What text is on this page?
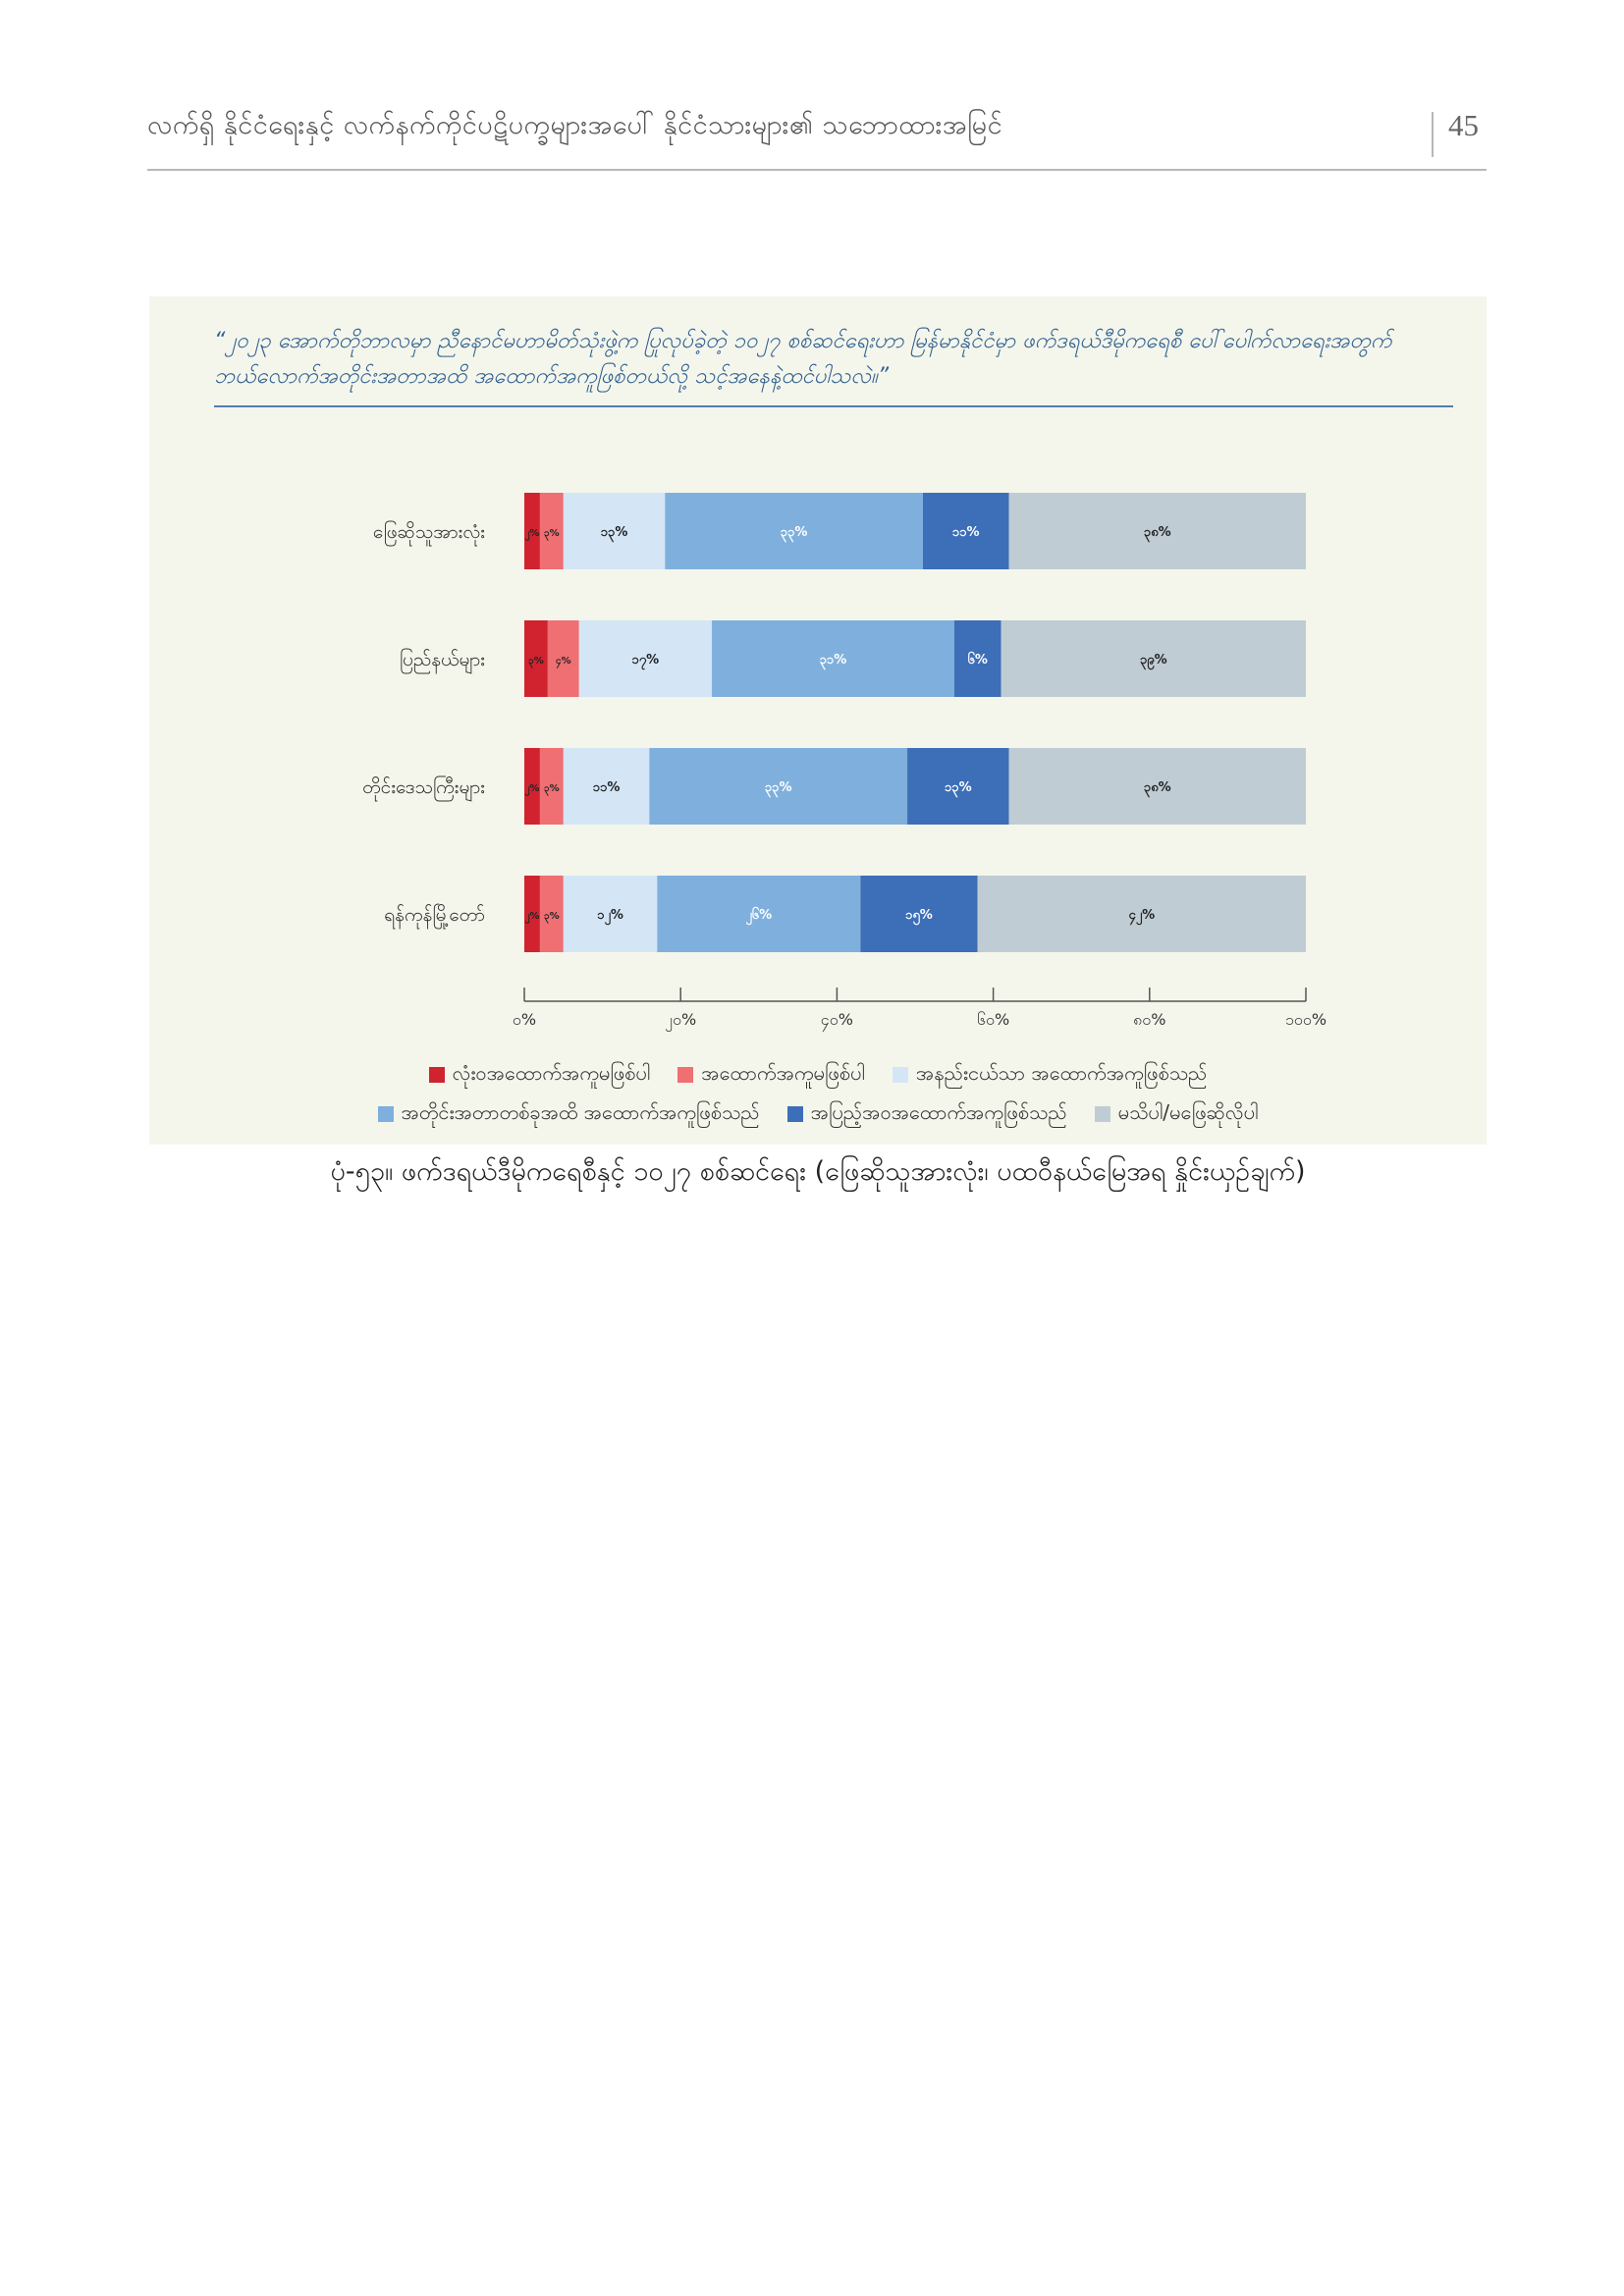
လက်ရှိ နိုင်ငံရေးနှင့် လက်နက်ကိုင်ပဋိပက္ခများအပေါ် နိုင်ငံသားများ၏ သဘောထားအမြင်	45
“၂၀၂၃ အောက်တိုဘာလမှာ ညီနောင်မဟာမိတ်သုံးဖွဲ့က ပြုလုပ်ခဲ့တဲ့ ၁၀၂၇ စစ်ဆင်ရေးဟာ မြန်မာနိုင်ငံမှာ ဖက်ဒရယ်ဒီမိုကရေစီ ပေါ်ပေါက်လာရေးအတွက် ဘယ်လောက်အတိုင်းအတာအထိ အထောက်အကူဖြစ်တယ်လို့ သင့်အနေနဲ့ထင်ပါသလဲ။”
ဖြေဆိုသူအားလုံး	၂% ၃%	၁၃%	၃၃%	၁၁%	၃၈%
ပြည်နယ်များ	၃% ၄%	၁၇%	၃၁%	၆%	၃၉%
တိုင်းဒေသကြီးများ	၂% ၃%	၁၁%	၃၃%	၁၃%	၃၈%
ရန်ကုန်မြို့တော်	၂% ၃%	၁၂%	၂၆%	၁၅%	၄၂%
၀%	၂၀%	၄၀%	၆၀%	၈၀%	၁၀၀%
လုံးဝအထောက်အကူမဖြစ်ပါ	အထောက်အကူမဖြစ်ပါ	အနည်းငယ်သာ အထောက်အကူဖြစ်သည်
အတိုင်းအတာတစ်ခုအထိ အထောက်အကူဖြစ်သည်	အပြည့်အဝအထောက်အကူဖြစ်သည်	မသိပါ/မဖြေဆိုလိုပါ
ပုံ-၅၃။ ဖက်ဒရယ်ဒီမိုကရေစီနှင့် ၁၀၂၇ စစ်ဆင်ရေး (ဖြေဆိုသူအားလုံး၊ ပထဝီနယ်မြေအရ နှိုင်းယှဉ်ချက်)
